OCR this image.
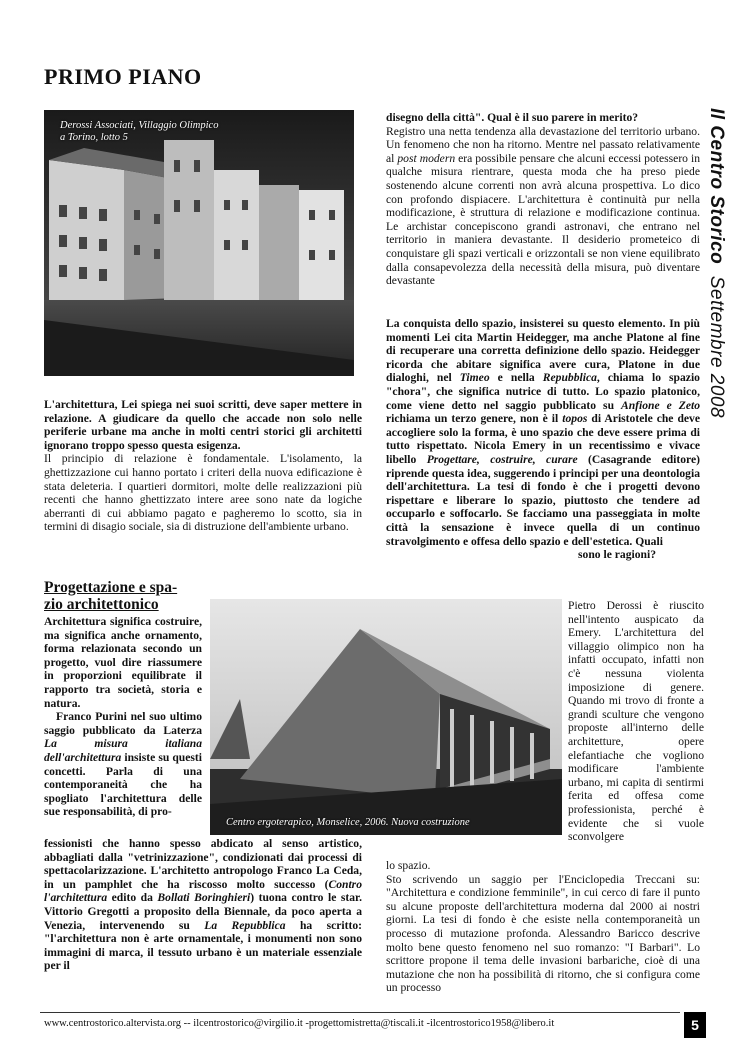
PRIMO PIANO
Derossi Associati, Villaggio Olimpico
a Torino, lotto 5	Il Centro Storico  Settembre 2008

disegno della città". Qual è il suo parere in merito?

Registro una netta tendenza alla devastazione del territorio urbano. Un fenomeno che non ha ritorno. Mentre nel passato relativamente al post modern era possibile pensare che alcuni eccessi potessero in qualche misura rientrare, questa moda che ha preso piede sostenendo alcune correnti non avrà alcuna prospettiva. Lo dico con profondo dispiacere. L'architettura è continuità pur nella modificazione, è struttura di relazione e modificazione continua. Le archistar concepiscono grandi astronavi, che entrano nel territorio in maniera devastante. Il desiderio prometeico di conquistare gli spazi verticali e orizzontali se non viene equilibrato dalla consapevolezza della necessità della misura, può diventare devastante

La conquista dello spazio, insisterei su questo elemento. In più momenti Lei cita Martin Heidegger, ma anche Platone al fine di recuperare una corretta definizione dello spazio. Heidegger ricorda che abitare significa avere cura, Platone in due dialoghi, nel Timeo e nella Repubblica, chiama lo spazio "chora", che significa nutrice di tutto. Lo spazio platonico, come viene detto nel saggio pubblicato su Anfione e Zeto richiama un terzo genere, non è il topos di Aristotele che deve accogliere solo la forma, è uno spazio che deve essere prima di tutto rispettato. Nicola Emery in un recentissimo e vivace libello Progettare, costruire, curare (Casagrande editore) riprende questa idea, suggerendo i principi per una deontologia dell'architettura. La tesi di fondo è che i progetti devono rispettare e liberare lo spazio, piuttosto che tendere ad occuparlo e soffocarlo. Se facciamo una passeggiata in molte città la sensazione è invece quella di un continuo stravolgimento e offesa dello spazio e dell'estetica. Quali

sono le ragioni?

L'architettura, Lei spiega nei suoi scritti, deve saper mettere in relazione. A giudicare da quello che accade non solo nelle periferie urbane ma anche in molti centri storici gli architetti ignorano troppo spesso questa esigenza.

Il principio di relazione è fondamentale. L'isolamento, la ghettizzazione cui hanno portato i criteri della nuova edificazione è stata deleteria. I quartieri dormitori, molte delle realizzazioni più recenti che hanno ghettizzato intere aree sono nate da logiche aberranti di cui abbiamo pagato e pagheremo lo scotto, sia in termini di disagio sociale, sia di distruzione dell'ambiente urbano.

Progettazione e spa-
zio architettonico

Architettura significa costruire, ma significa anche ornamento, forma relazionata secondo un progetto, vuol dire riassumere in proporzioni equilibrate il rapporto tra società, storia e natura.

Franco Purini nel suo ultimo saggio pubblicato da Laterza La misura italiana dell'architettura insiste su questi concetti. Parla di una contemporaneità che ha spogliato l'architettura delle sue responsabilità, di pro-

Centro ergoterapico, Monselice, 2006. Nuova costruzione
Pietro Derossi è riuscito nell'intento auspicato da Emery. L'architettura del villaggio olimpico non ha infatti occupato, infatti non c'è nessuna violenta imposizione di genere. Quando mi trovo di fronte a grandi sculture che vengono proposte all'interno delle architetture, opere elefantiache che vogliono modificare l'ambiente urbano, mi capita di sentirmi ferita ed offesa come professionista, perché è evidente che si vuole sconvolgere

fessionisti che hanno spesso abdicato al senso artistico, abbagliati dalla "vetrinizzazione", condizionati dai processi di spettacolarizzazione. L'architetto antropologo Franco La Ceda, in un pamphlet che ha riscosso molto successo (Contro l'architettura edito da Bollati Boringhieri) tuona contro le star. Vittorio Gregotti a proposito della Biennale, da poco aperta a Venezia, intervenendo su La Repubblica ha scritto: "l'architettura non è arte ornamentale, i monumenti non sono immagini di marca, il tessuto urbano è un materiale essenziale per il

lo spazio.

Sto scrivendo un saggio per l'Enciclopedia Treccani su: "Architettura e condizione femminile", in cui cerco di fare il punto su alcune proposte dell'architettura moderna dal 2000 ai nostri giorni. La tesi di fondo è che esiste nella contemporaneità un processo di mutazione profonda. Alessandro Baricco descrive molto bene questo fenomeno nel suo romanzo: "I Barbari". Lo scrittore propone il tema delle invasioni barbariche, cioè di una mutazione che non ha possibilità di ritorno, che si configura come un processo

www.centrostorico.altervista.org -- ilcentrostorico@virgilio.it -progettomistretta@tiscali.it -ilcentrostorico1958@libero.it	5
